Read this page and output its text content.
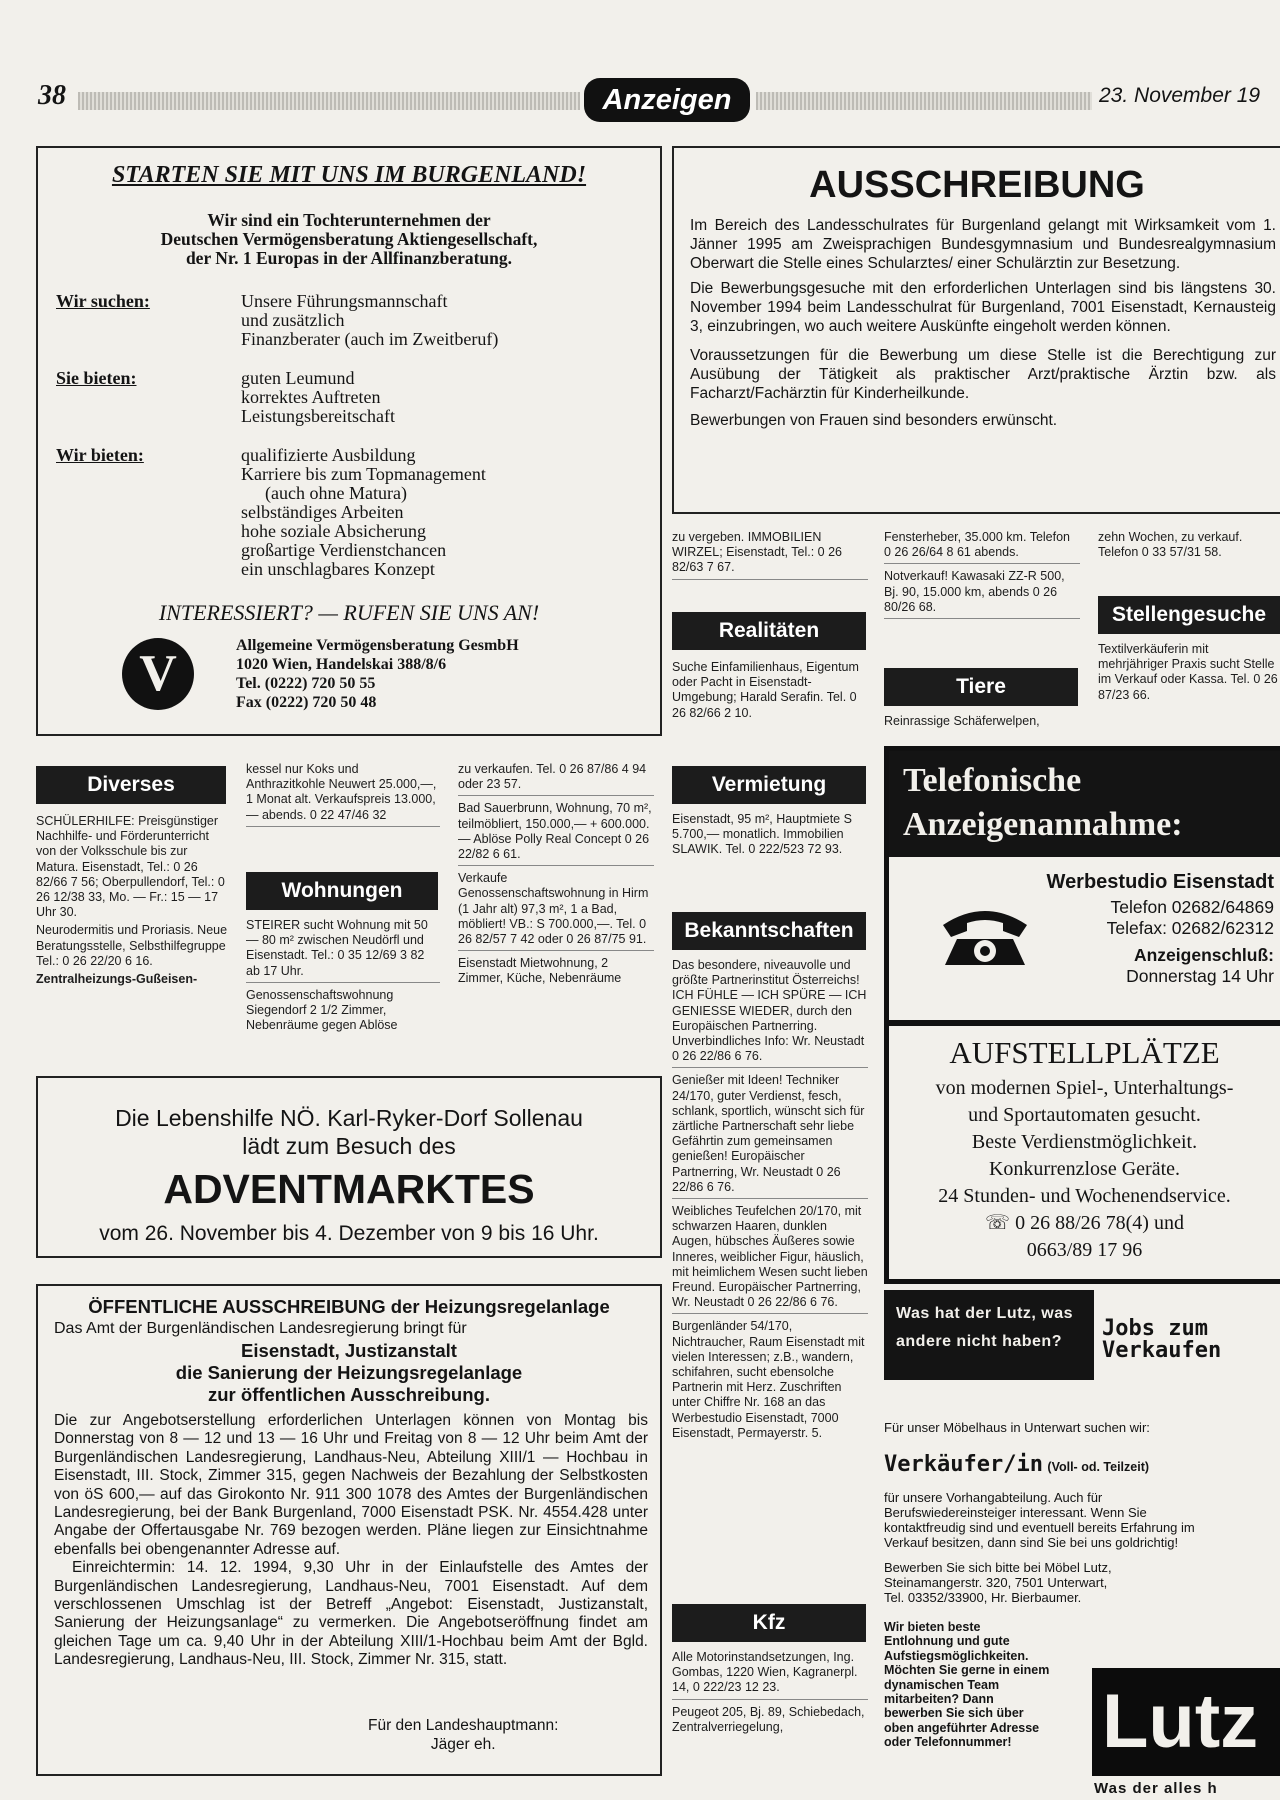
38	Anzeigen	23. November 19
STARTEN SIE MIT UNS IM BURGENLAND!
Wir sind ein Tochterunternehmen der
Deutschen Vermögensberatung Aktiengesellschaft,
der Nr. 1 Europas in der Allfinanzberatung.
Wir suchen:	Unsere Führungsmannschaft
und zusätzlich
Finanzberater (auch im Zweitberuf)
Sie bieten:	guten Leumund
korrektes Auftreten
Leistungsbereitschaft
Wir bieten:	qualifizierte Ausbildung
Karriere bis zum Topmanagement
(auch ohne Matura)
selbständiges Arbeiten
hohe soziale Absicherung
großartige Verdienstchancen
ein unschlagbares Konzept
INTERESSIERT? — RUFEN SIE UNS AN!
V	Allgemeine Vermögensberatung GesmbH
1020 Wien, Handelskai 388/8/6
Tel. (0222) 720 50 55
Fax (0222) 720 50 48
AUSSCHREIBUNG

Im Bereich des Landesschulrates für Burgenland gelangt mit Wirksamkeit vom 1. Jänner 1995 am Zweisprachigen Bundesgymnasium und Bundesrealgymnasium Oberwart die Stelle eines Schularztes/ einer Schulärztin zur Besetzung.

Die Bewerbungsgesuche mit den erforderlichen Unterlagen sind bis längstens 30. November 1994 beim Landesschulrat für Burgenland, 7001 Eisenstadt, Kernausteig 3, einzubringen, wo auch weitere Auskünfte eingeholt werden können.

Voraussetzungen für die Bewerbung um diese Stelle ist die Berechtigung zur Ausübung der Tätigkeit als praktischer Arzt/praktische Ärztin bzw. als Facharzt/Fachärztin für Kinderheilkunde.

Bewerbungen von Frauen sind besonders erwünscht.

zu vergeben. IMMOBILIEN WIRZEL; Eisenstadt, Tel.: 0 26 82/63 7 67.

Realitäten

Suche Einfamilienhaus, Eigentum oder Pacht in Eisenstadt-Umgebung; Harald Serafin. Tel. 0 26 82/66 2 10.

Fensterheber, 35.000 km. Telefon 0 26 26/64 8 61 abends.

Notverkauf! Kawasaki ZZ-R 500, Bj. 90, 15.000 km, abends 0 26 80/26 68.

Tiere

Reinrassige Schäferwelpen,

zehn Wochen, zu verkauf. Telefon 0 33 57/31 58.

Stellengesuche

Textilverkäuferin mit mehrjähriger Praxis sucht Stelle im Verkauf oder Kassa. Tel. 0 26 87/23 66.

Diverses

SCHÜLERHILFE: Preisgünstiger Nachhilfe- und Förderunterricht von der Volksschule bis zur Matura. Eisenstadt, Tel.: 0 26 82/66 7 56; Oberpullendorf, Tel.: 0 26 12/38 33, Mo. — Fr.: 15 — 17 Uhr 30.

Neurodermitis und Proriasis. Neue Beratungsstelle, Selbsthilfegruppe Tel.: 0 26 22/20 6 16.

Zentralheizungs-Gußeisen-

kessel nur Koks und Anthrazitkohle Neuwert 25.000,—, 1 Monat alt. Verkaufspreis 13.000,— abends. 0 22 47/46 32

Wohnungen

STEIRER sucht Wohnung mit 50 — 80 m² zwischen Neudörfl und Eisenstadt. Tel.: 0 35 12/69 3 82 ab 17 Uhr.

Genossenschaftswohnung Siegendorf 2 1/2 Zimmer, Nebenräume gegen Ablöse

zu verkaufen. Tel. 0 26 87/86 4 94 oder 23 57.

Bad Sauerbrunn, Wohnung, 70 m², teilmöbliert, 150.000,— + 600.000.— Ablöse Polly Real Concept 0 26 22/82 6 61.

Verkaufe Genossenschaftswohnung in Hirm (1 Jahr alt) 97,3 m², 1 a Bad, möbliert! VB.: S 700.000,—. Tel. 0 26 82/57 7 42 oder 0 26 87/75 91.

Eisenstadt Mietwohnung, 2 Zimmer, Küche, Nebenräume

Die Lebenshilfe NÖ. Karl-Ryker-Dorf Sollenau
lädt zum Besuch des
ADVENTMARKTES
vom 26. November bis 4. Dezember von 9 bis 16 Uhr.
ÖFFENTLICHE AUSSCHREIBUNG der Heizungsregelanlage
Das Amt der Burgenländischen Landesregierung bringt für
Eisenstadt, Justizanstalt
die Sanierung der Heizungsregelanlage
zur öffentlichen Ausschreibung.

Die zur Angebotserstellung erforderlichen Unterlagen können von Montag bis Donnerstag von 8 — 12 und 13 — 16 Uhr und Freitag von 8 — 12 Uhr beim Amt der Burgenländischen Landesregierung, Landhaus-Neu, Abteilung XIII/1 — Hochbau in Eisenstadt, III. Stock, Zimmer 315, gegen Nachweis der Bezahlung der Selbstkosten von öS 600,— auf das Girokonto Nr. 911 300 1078 des Amtes der Burgenländischen Landesregierung, bei der Bank Burgenland, 7000 Eisenstadt PSK. Nr. 4554.428 unter Angabe der Offertausgabe Nr. 769 bezogen werden. Pläne liegen zur Einsichtnahme ebenfalls bei obengenannter Adresse auf.

Einreichtermin: 14. 12. 1994, 9,30 Uhr in der Einlaufstelle des Amtes der Burgenländischen Landesregierung, Landhaus-Neu, 7001 Eisenstadt. Auf dem verschlossenen Umschlag ist der Betreff „Angebot: Eisenstadt, Justizanstalt, Sanierung der Heizungsanlage“ zu vermerken. Die Angebotseröffnung findet am gleichen Tage um ca. 9,40 Uhr in der Abteilung XIII/1-Hochbau beim Amt der Bgld. Landesregierung, Landhaus-Neu, III. Stock, Zimmer Nr. 315, statt.

Für den Landeshauptmann:
Jäger eh.
Vermietung

Eisenstadt, 95 m², Hauptmiete S 5.700,— monatlich. Immobilien SLAWIK. Tel. 0 222/523 72 93.

Bekanntschaften

Das besondere, niveauvolle und größte Partnerinstitut Österreichs! ICH FÜHLE — ICH SPÜRE — ICH GENIESSE WIEDER, durch den Europäischen Partnerring. Unverbindliches Info: Wr. Neustadt 0 26 22/86 6 76.

Genießer mit Ideen! Techniker 24/170, guter Verdienst, fesch, schlank, sportlich, wünscht sich für zärtliche Partnerschaft sehr liebe Gefährtin zum gemeinsamen genießen! Europäischer Partnerring, Wr. Neustadt 0 26 22/86 6 76.

Weibliches Teufelchen 20/170, mit schwarzen Haaren, dunklen Augen, hübsches Äußeres sowie Inneres, weiblicher Figur, häuslich, mit heimlichem Wesen sucht lieben Freund. Europäischer Partnerring, Wr. Neustadt 0 26 22/86 6 76.

Burgenländer 54/170, Nichtraucher, Raum Eisenstadt mit vielen Interessen; z.B., wandern, schifahren, sucht ebensolche Partnerin mit Herz. Zuschriften unter Chiffre Nr. 168 an das Werbestudio Eisenstadt, 7000 Eisenstadt, Permayerstr. 5.

Kfz

Alle Motorinstandsetzungen, Ing. Gombas, 1220 Wien, Kagranerpl. 14, 0 222/23 12 23.

Peugeot 205, Bj. 89, Schiebedach, Zentralverriegelung,

Telefonische
Anzeigenannahme:
Werbestudio Eisenstadt
Telefon 02682/64869
Telefax: 02682/62312
Anzeigenschluß:
Donnerstag 14 Uhr
AUFSTELLPLÄTZE
von modernen Spiel-, Unterhaltungs-
und Sportautomaten gesucht.
Beste Verdienstmöglichkeit.
Konkurrenzlose Geräte.
24 Stunden- und Wochenendservice.
☏ 0 26 88/26 78(4) und
0663/89 17 96
Was hat der Lutz, was andere nicht haben?
Jobs zum Verkaufen
Für unser Möbelhaus in Unterwart suchen wir:
Verkäufer/in (Voll- od. Teilzeit)
für unsere Vorhangabteilung. Auch für Berufswiedereinsteiger interessant. Wenn Sie kontaktfreudig sind und eventuell bereits Erfahrung im Verkauf besitzen, dann sind Sie bei uns goldrichtig!
Bewerben Sie sich bitte bei Möbel Lutz,
Steinamangerstr. 320, 7501 Unterwart,
Tel. 03352/33900, Hr. Bierbaumer.
Wir bieten beste Entlohnung und gute Aufstiegsmöglichkeiten. Möchten Sie gerne in einem dynamischen Team mitarbeiten? Dann bewerben Sie sich über oben angeführter Adresse oder Telefonnummer!	Lutz
Was der alles h
